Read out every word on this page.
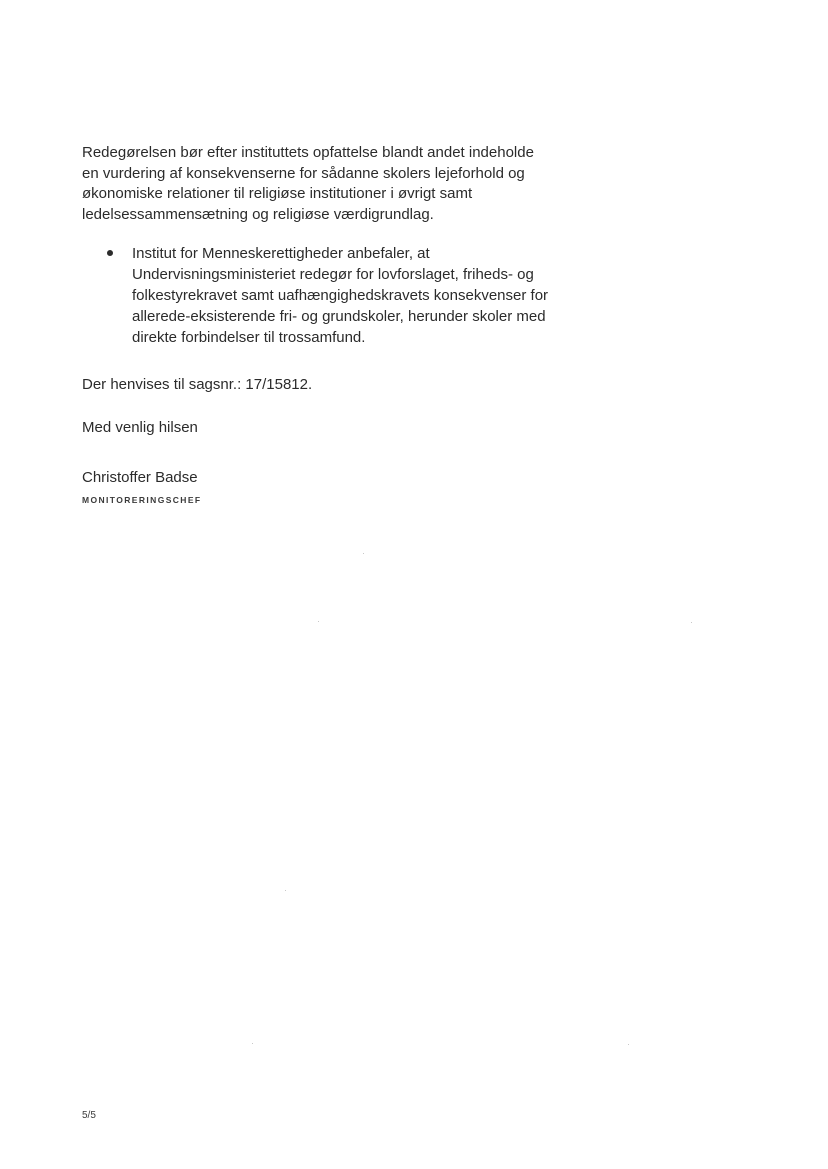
Redegørelsen bør efter instituttets opfattelse blandt andet indeholde
en vurdering af konsekvenserne for sådanne skolers lejeforhold og
økonomiske relationer til religiøse institutioner i øvrigt samt
ledelsessammensætning og religiøse værdigrundlag.

Institut for Menneskerettigheder anbefaler, at
Undervisningsministeriet redegør for lovforslaget, friheds- og
folkestyrekravet samt uafhængighedskravets konsekvenser for
allerede-eksisterende fri- og grundskoler, herunder skoler med
direkte forbindelser til trossamfund.

Der henvises til sagsnr.: 17/15812.

Med venlig hilsen

Christoffer Badse

MONITORERINGSCHEF
5/5
